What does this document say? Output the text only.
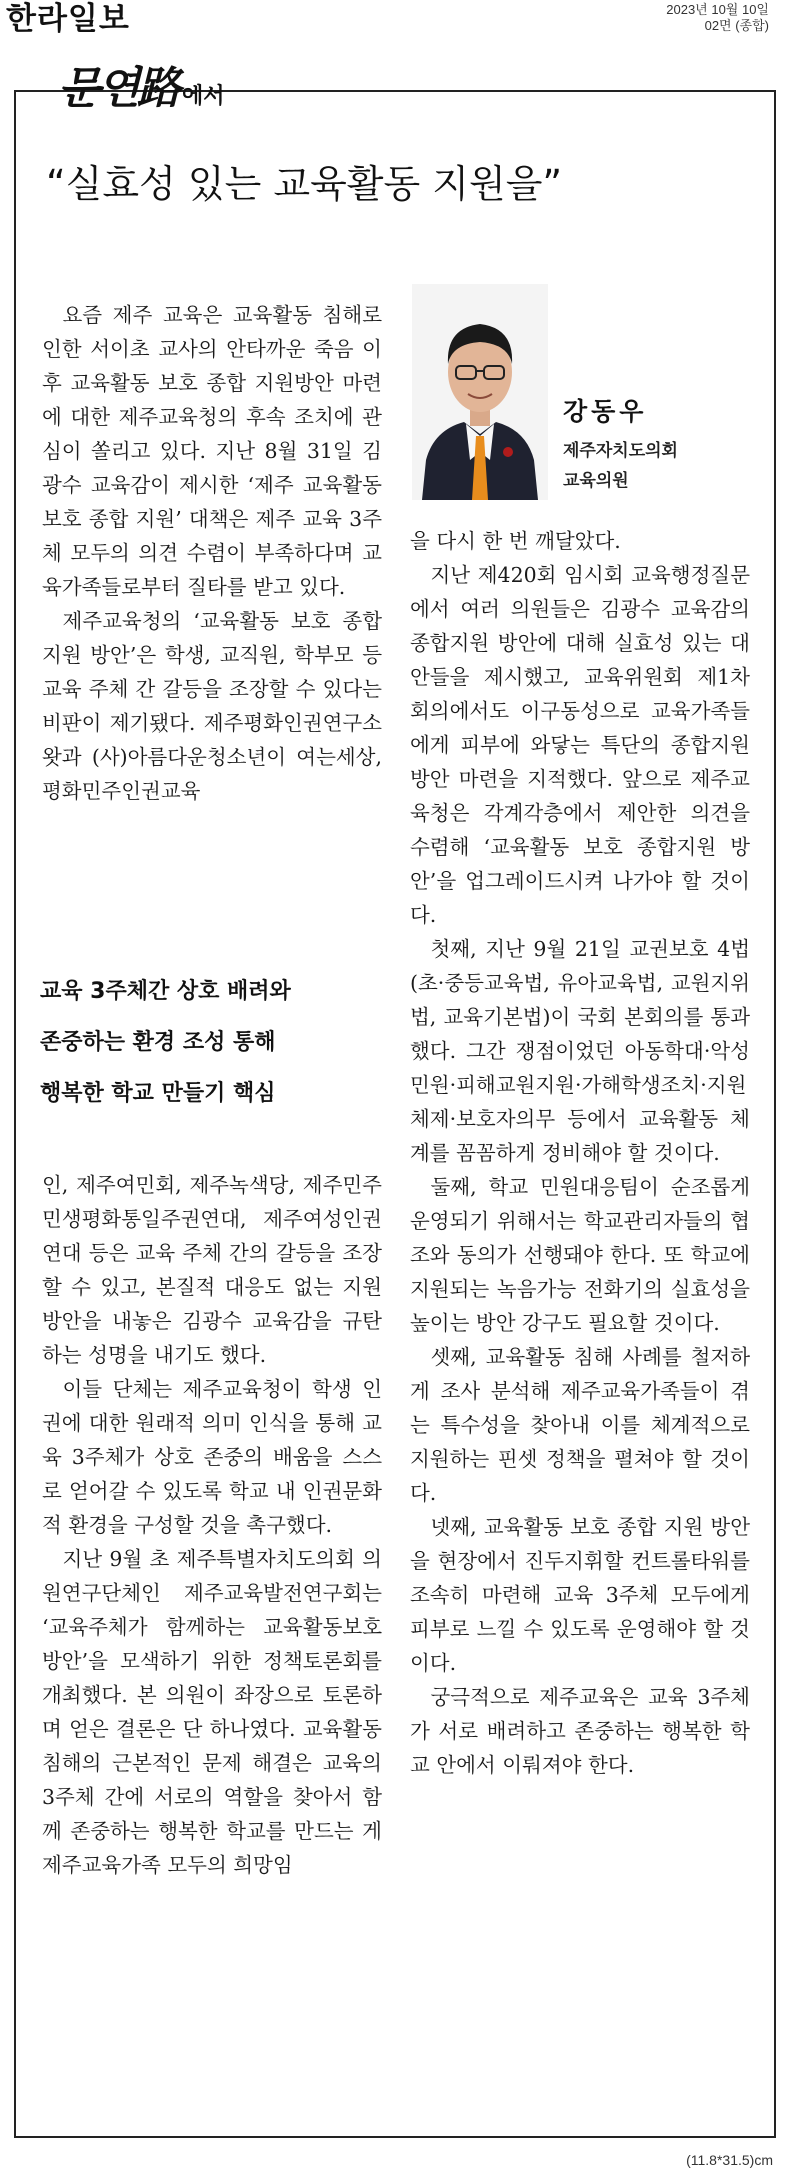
한라일보	2023년 10월 10일
02면 (종합)
문연路 에서
“실효성 있는 교육활동 지원을”

요즘 제주 교육은 교육활동 침해로 인한 서이초 교사의 안타까운 죽음 이후 교육활동 보호 종합 지원방안 마련에 대한 제주교육청의 후속 조치에 관심이 쏠리고 있다. 지난 8월 31일 김광수 교육감이 제시한 ‘제주 교육활동 보호 종합 지원’ 대책은 제주 교육 3주체 모두의 의견 수렴이 부족하다며 교육가족들로부터 질타를 받고 있다.

제주교육청의 ‘교육활동 보호 종합 지원 방안’은 학생, 교직원, 학부모 등 교육 주체 간 갈등을 조장할 수 있다는 비판이 제기됐다. 제주평화인권연구소 왓과 (사)아름다운청소년이 여는세상, 평화민주인권교육

교육 3주체간 상호 배려와
존중하는 환경 조성 통해
행복한 학교 만들기 핵심

인, 제주여민회, 제주녹색당, 제주민주민생평화통일주권연대, 제주여성인권연대 등은 교육 주체 간의 갈등을 조장할 수 있고, 본질적 대응도 없는 지원 방안을 내놓은 김광수 교육감을 규탄하는 성명을 내기도 했다.

이들 단체는 제주교육청이 학생 인권에 대한 원래적 의미 인식을 통해 교육 3주체가 상호 존중의 배움을 스스로 얻어갈 수 있도록 학교 내 인권문화적 환경을 구성할 것을 촉구했다.

지난 9월 초 제주특별자치도의회 의원연구단체인 제주교육발전연구회는 ‘교육주체가 함께하는 교육활동보호 방안’을 모색하기 위한 정책토론회를 개최했다. 본 의원이 좌장으로 토론하며 얻은 결론은 단 하나였다. 교육활동 침해의 근본적인 문제 해결은 교육의 3주체 간에 서로의 역할을 찾아서 함께 존중하는 행복한 학교를 만드는 게 제주교육가족 모두의 희망임

강동우
제주자치도의회
교육의원

을 다시 한 번 깨달았다.

지난 제420회 임시회 교육행정질문에서 여러 의원들은 김광수 교육감의 종합지원 방안에 대해 실효성 있는 대안들을 제시했고, 교육위원회 제1차 회의에서도 이구동성으로 교육가족들에게 피부에 와닿는 특단의 종합지원 방안 마련을 지적했다. 앞으로 제주교육청은 각계각층에서 제안한 의견을 수렴해 ‘교육활동 보호 종합지원 방안’을 업그레이드시켜 나가야 할 것이다.

첫째, 지난 9월 21일 교권보호 4법(초·중등교육법, 유아교육법, 교원지위법, 교육기본법)이 국회 본회의를 통과했다. 그간 쟁점이었던 아동학대·악성민원·피해교원지원·가해학생조치·지원체제·보호자의무 등에서 교육활동 체계를 꼼꼼하게 정비해야 할 것이다.

둘째, 학교 민원대응팀이 순조롭게 운영되기 위해서는 학교관리자들의 협조와 동의가 선행돼야 한다. 또 학교에 지원되는 녹음가능 전화기의 실효성을 높이는 방안 강구도 필요할 것이다.

셋째, 교육활동 침해 사례를 철저하게 조사 분석해 제주교육가족들이 겪는 특수성을 찾아내 이를 체계적으로 지원하는 핀셋 정책을 펼쳐야 할 것이다.

넷째, 교육활동 보호 종합 지원 방안을 현장에서 진두지휘할 컨트롤타워를 조속히 마련해 교육 3주체 모두에게 피부로 느낄 수 있도록 운영해야 할 것이다.

궁극적으로 제주교육은 교육 3주체가 서로 배려하고 존중하는 행복한 학교 안에서 이뤄져야 한다.

(11.8*31.5)cm
